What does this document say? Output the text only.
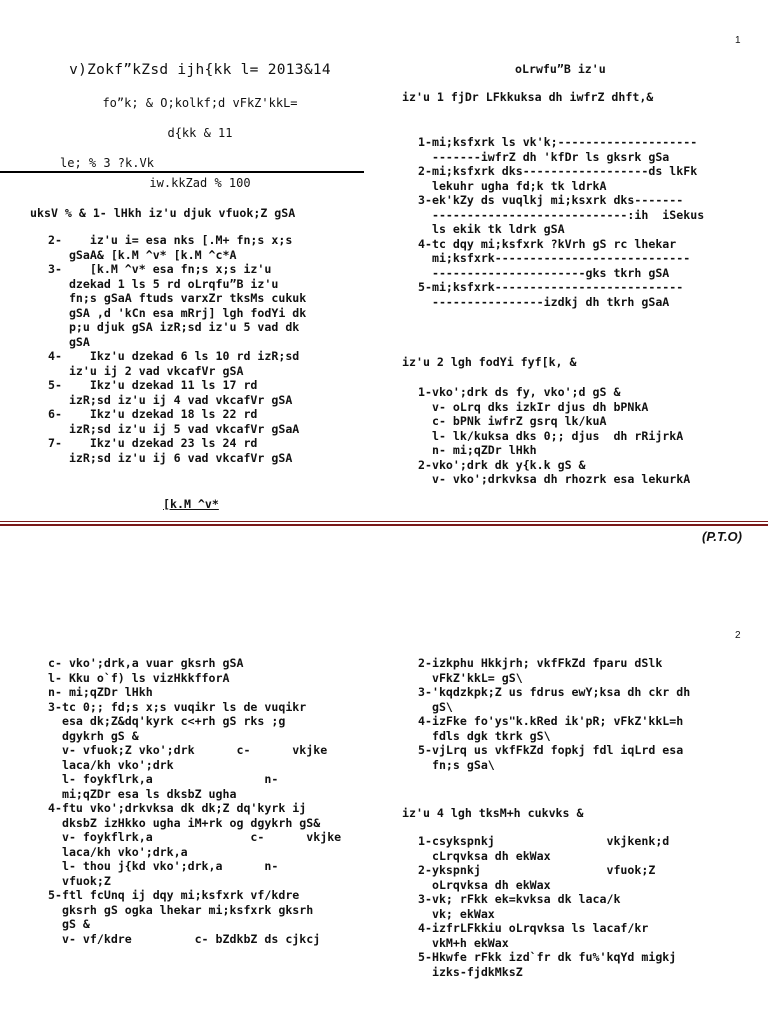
1
v)Zokf”kZsd ijh{kk l= 2013&14
fo”k; & O;kolkf;d vFkZ'kkL=
d{kk & 11
le; % 3 ?k.Vk
iw.kkZad % 100
uksV % & 1- lHkh iz'u djuk vfuok;Z gSA
2-    iz'u i= esa nks [.M+ fn;s x;s
gSaA& [k.M ^v* [k.M ^c*A
3-    [k.M ^v* esa fn;s x;s iz'u
dzekad 1 ls 5 rd oLrqfu”B iz'u
fn;s gSaA ftuds varxZr tksMs cukuk
gSA ,d 'kCn esa mRrj] lgh fodYi dk
p;u djuk gSA izR;sd iz'u 5 vad dk
gSA
4-    Ikz'u dzekad 6 ls 10 rd izR;sd
iz'u ij 2 vad vkcafVr gSA
5-    Ikz'u dzekad 11 ls 17 rd
izR;sd iz'u ij 4 vad vkcafVr gSA
6-    Ikz'u dzekad 18 ls 22 rd
izR;sd iz'u ij 5 vad vkcafVr gSaA
7-    Ikz'u dzekad 23 ls 24 rd
izR;sd iz'u ij 6 vad vkcafVr gSA
[k.M ^v*
oLrwfu”B iz'u
iz'u 1 fjDr LFkkuksa dh iwfrZ dhft,&
1-mi;ksfxrk ls vk'k;--------------------
-------iwfrZ dh 'kfDr ls gksrk gSa
2-mi;ksfxrk dks------------------ds lkFk
lekuhr ugha fd;k tk ldrkA
3-ek'kZy ds vuqlkj mi;ksxrk dks-------
----------------------------:ih  iSekus
ls ekik tk ldrk gSA
4-tc dqy mi;ksfxrk ?kVrh gS rc lhekar
mi;ksfxrk----------------------------
----------------------gks tkrh gSA
5-mi;ksfxrk---------------------------
----------------izdkj dh tkrh gSaA
iz'u 2 lgh fodYi fyf[k, &
1-vko';drk ds fy, vko';d gS &
v- oLrq dks izkIr djus dh bPNkA
c- bPNk iwfrZ gsrq lk/kuA
l- lk/kuksa dks 0;; djus  dh rRijrkA
n- mi;qZDr lHkh
2-vko';drk dk y{k.k gS &
v- vko';drkvksa dh rhozrk esa lekurkA
(P.T.O)
2
c- vko';drk,a vuar gksrh gSA
l- Kku o`f) ls vizHkkfforA
n- mi;qZDr lHkh
3-tc 0;; fd;s x;s vuqikr ls de vuqikr
esa dk;Z&dq'kyrk c<+rh gS rks ;g
dgykrh gS &
v- vfuok;Z vko';drk      c-      vkjke
laca/kh vko';drk
l- foykflrk,a                n-
mi;qZDr esa ls dksbZ ugha
4-ftu vko';drkvksa dk dk;Z dq'kyrk ij
dksbZ izHkko ugha iM+rk og dgykrh gS&
v- foykflrk,a              c-      vkjke
laca/kh vko';drk,a
l- thou j{kd vko';drk,a      n-
vfuok;Z
5-ftl fcUnq ij dqy mi;ksfxrk vf/kdre
gksrh gS ogka lhekar mi;ksfxrk gksrh
gS &
v- vf/kdre         c- bZdkbZ ds cjkcj
2-izkphu Hkkjrh; vkfFkZd fparu dSlk
vFkZ'kkL= gS\
3-'kqdzkpk;Z us fdrus ewY;ksa dh ckr dh
gS\
4-izFke fo'ys"k.kRed ik'pR; vFkZ'kkL=h
fdls dgk tkrk gS\
5-vjLrq us vkfFkZd fopkj fdl iqLrd esa
fn;s gSa\
iz'u 4 lgh tksM+h cukvks &
1-csykspnkj                vkjkenk;d
cLrqvksa dh ekWax
2-ykspnkj                  vfuok;Z
oLrqvksa dh ekWax
3-vk; rFkk ek=kvksa dk laca/k
vk; ekWax
4-izfrLFkkiu oLrqvksa ls lacaf/kr
vkM+h ekWax
5-Hkwfe rFkk izd`fr dk fu%'kqYd migkj
izks-fjdkMksZ
